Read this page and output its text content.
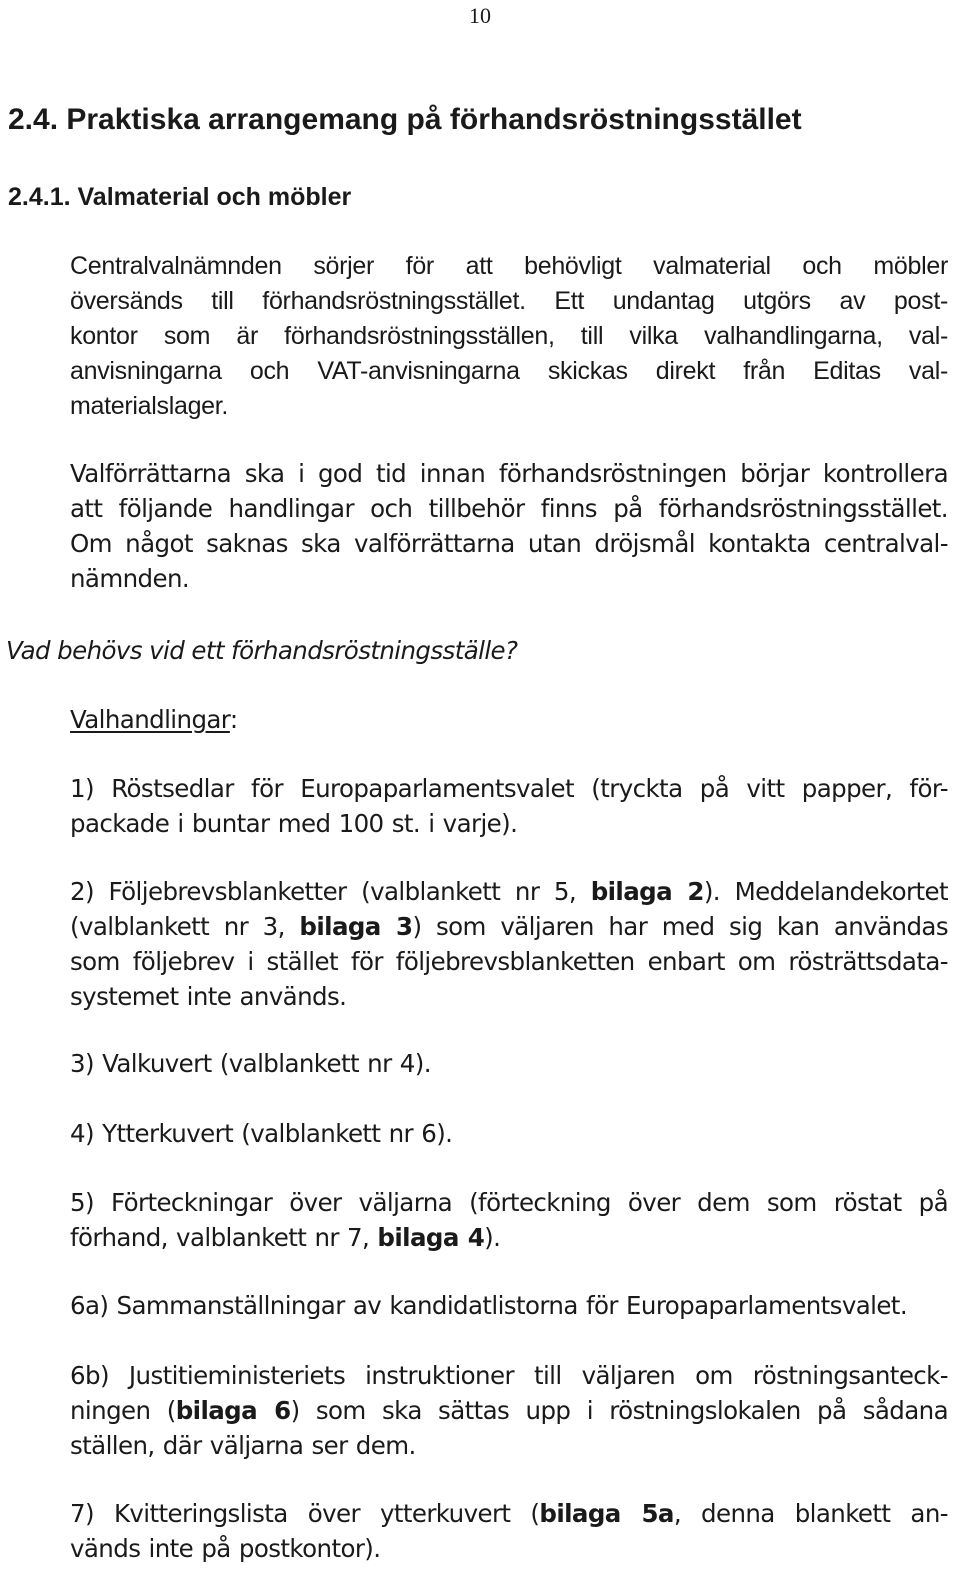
10
2.4. Praktiska arrangemang på förhandsröstningsstället
2.4.1. Valmaterial och möbler
Centralvalnämnden sörjer för att behövligt valmaterial och möbler
översänds till förhandsröstningsstället. Ett undantag utgörs av post-
kontor som är förhandsröstningsställen, till vilka valhandlingarna, val-
anvisningarna och VAT-anvisningarna skickas direkt från Editas val-
materialslager.
Valförrättarna ska i god tid innan förhandsröstningen börjar kontrollera
att följande handlingar och tillbehör finns på förhandsröstningsstället.
Om något saknas ska valförrättarna utan dröjsmål kontakta centralval-
nämnden.
Vad behövs vid ett förhandsröstningsställe?
Valhandlingar:
1) Röstsedlar för Europaparlamentsvalet (tryckta på vitt papper, för-
packade i buntar med 100 st. i varje).
2) Följebrevsblanketter (valblankett nr 5, bilaga 2). Meddelandekortet
(valblankett nr 3, bilaga 3) som väljaren har med sig kan användas
som följebrev i stället för följebrevsblanketten enbart om rösträttsdata-
systemet inte används.
3) Valkuvert (valblankett nr 4).
4) Ytterkuvert (valblankett nr 6).
5) Förteckningar över väljarna (förteckning över dem som röstat på
förhand, valblankett nr 7, bilaga 4).
6a) Sammanställningar av kandidatlistorna för Europaparlamentsvalet.
6b) Justitieministeriets instruktioner till väljaren om röstningsanteck-
ningen (bilaga 6) som ska sättas upp i röstningslokalen på sådana
ställen, där väljarna ser dem.
7) Kvitteringslista över ytterkuvert (bilaga 5a, denna blankett an-
vänds inte på postkontor).
